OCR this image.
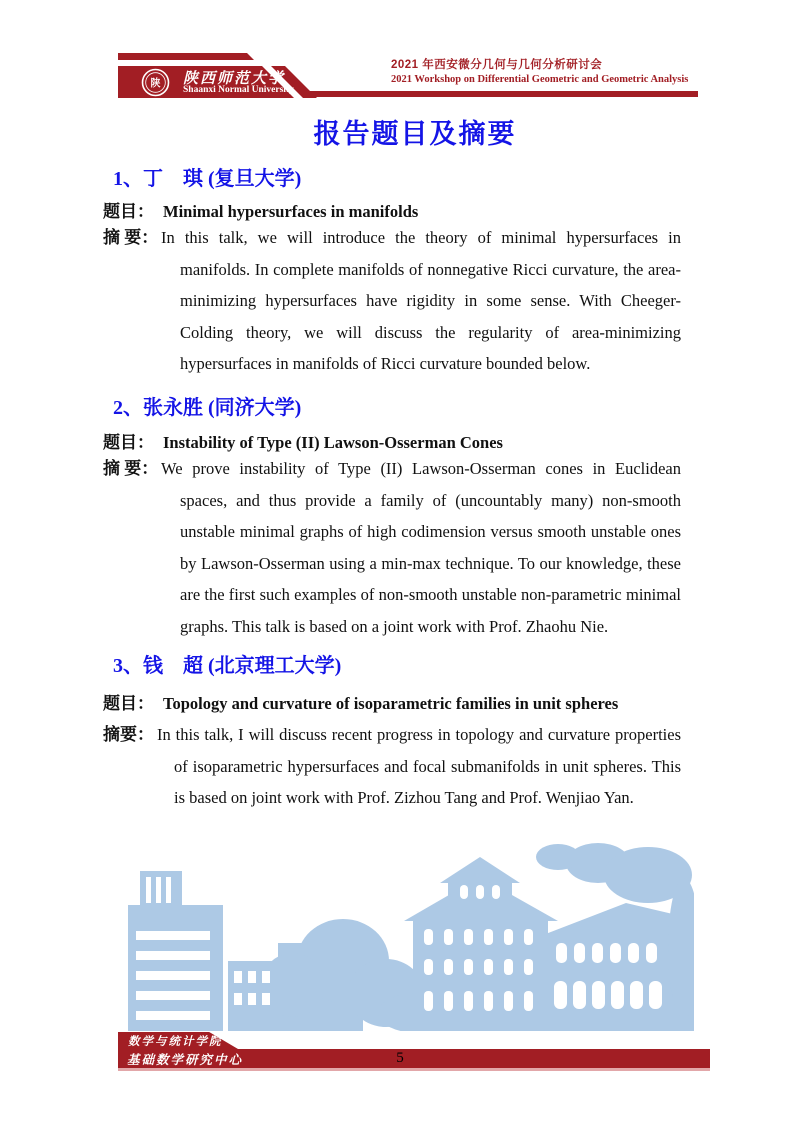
陕 陕西师范大学
Shaanxi Normal University
2021 年西安微分几何与几何分析研讨会
2021 Workshop on Differential Geometric and Geometric Analysis
报告题目及摘要
1、丁　琪 (复旦大学)
题目： Minimal hypersurfaces in manifolds
摘 要： In this talk, we will introduce the theory of minimal hypersurfaces in manifolds. In complete manifolds of nonnegative Ricci curvature, the area-minimizing hypersurfaces have rigidity in some sense. With Cheeger-Colding theory, we will discuss the regularity of area-minimizing hypersurfaces in manifolds of Ricci curvature bounded below.

2、张永胜 (同济大学)
题目： Instability of Type (II) Lawson-Osserman Cones
摘 要： We prove instability of Type (II) Lawson-Osserman cones in Euclidean spaces, and thus provide a family of (uncountably many) non-smooth unstable minimal graphs of high codimension versus smooth unstable ones by Lawson-Osserman using a min-max technique. To our knowledge, these are the first such examples of non-smooth unstable non-parametric minimal graphs. This talk is based on a joint work with Prof. Zhaohu Nie.

3、钱　超 (北京理工大学)
题目： Topology and curvature of isoparametric families in unit spheres
摘要： In this talk, I will discuss recent progress in topology and curvature properties of isoparametric hypersurfaces and focal submanifolds in unit spheres. This is based on joint work with Prof. Zizhou Tang and Prof. Wenjiao Yan.

数学与统计学院
基础数学研究中心	5
